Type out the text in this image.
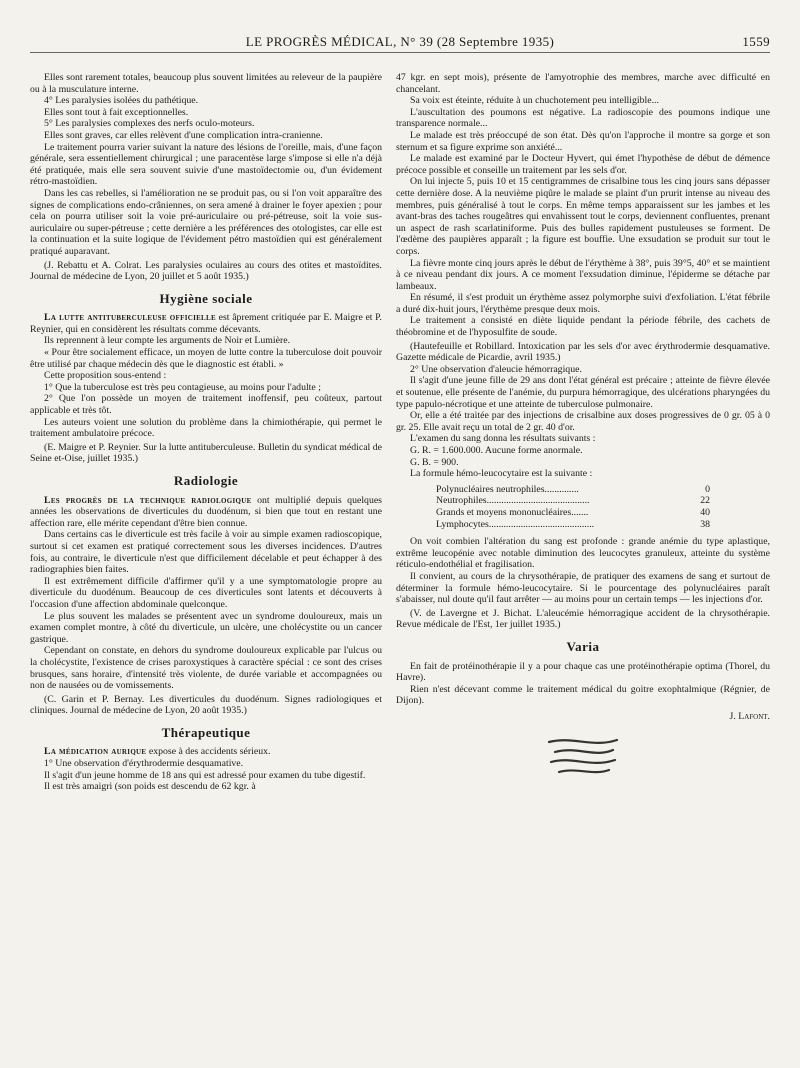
LE PROGRÈS MÉDICAL, N° 39 (28 Septembre 1935)	1559

Elles sont rarement totales, beaucoup plus souvent limitées au releveur de la paupière ou à la musculature interne.

4° Les paralysies isolées du pathétique.

Elles sont tout à fait exceptionnelles.

5° Les paralysies complexes des nerfs oculo-moteurs.

Elles sont graves, car elles relèvent d'une complication intra-cranienne.

Le traitement pourra varier suivant la nature des lésions de l'oreille, mais, d'une façon générale, sera essentiellement chirurgical ; une paracentèse large s'impose si elle n'a déjà été pratiquée, mais elle sera souvent suivie d'une mastoïdectomie ou, d'un évidement rétro-mastoïdien.

Dans les cas rebelles, si l'amélioration ne se produit pas, ou si l'on voit apparaître des signes de complications endo-crâniennes, on sera amené à drainer le foyer apexien ; pour cela on pourra utiliser soit la voie pré-auriculaire ou pré-pétreuse, soit la voie sus-auriculaire ou super-pétreuse ; cette dernière a les préférences des otologistes, car elle est la continuation et la suite logique de l'évidement pétro mastoïdien qui est généralement pratiqué auparavant.

(J. Rebattu et A. Colrat. Les paralysies oculaires au cours des otites et mastoïdites. Journal de médecine de Lyon, 20 juillet et 5 août 1935.)

Hygiène sociale

La lutte antituberculeuse officielle est âprement critiquée par E. Maigre et P. Reynier, qui en considèrent les résultats comme décevants.

Ils reprennent à leur compte les arguments de Noir et Lumière.

« Pour être socialement efficace, un moyen de lutte contre la tuberculose doit pouvoir être utilisé par chaque médecin dès que le diagnostic est établi. »

Cette proposition sous-entend :

1° Que la tuberculose est très peu contagieuse, au moins pour l'adulte ;

2° Que l'on possède un moyen de traitement inoffensif, peu coûteux, partout applicable et très tôt.

Les auteurs voient une solution du problème dans la chimiothérapie, qui permet le traitement ambulatoire précoce.

(E. Maigre et P. Reynier. Sur la lutte antituberculeuse. Bulletin du syndicat médical de Seine et-Oise, juillet 1935.)

Radiologie

Les progrès de la technique radiologique ont multiplié depuis quelques années les observations de diverticules du duodénum, si bien que tout en restant une affection rare, elle mérite cependant d'être bien connue.

Dans certains cas le diverticule est très facile à voir au simple examen radioscopique, surtout si cet examen est pratiqué correctement sous les diverses incidences. D'autres fois, au contraire, le diverticule n'est que difficilement décelable et peut échapper à des radiographies bien faites.

Il est extrêmement difficile d'affirmer qu'il y a une symptomatologie propre au diverticule du duodénum. Beaucoup de ces diverticules sont latents et découverts à l'occasion d'une affection abdominale quelconque.

Le plus souvent les malades se présentent avec un syndrome douloureux, mais un examen complet montre, à côté du diverticule, un ulcère, une cholécystite ou un cancer gastrique.

Cependant on constate, en dehors du syndrome douloureux explicable par l'ulcus ou la cholécystite, l'existence de crises paroxystiques à caractère spécial : ce sont des crises brusques, sans horaire, d'intensité très violente, de durée variable et accompagnées ou non de nausées ou de vomissements.

(C. Garin et P. Bernay. Les diverticules du duodénum. Signes radiologiques et cliniques. Journal de médecine de Lyon, 20 août 1935.)

Thérapeutique

La médication aurique expose à des accidents sérieux.

1° Une observation d'érythrodermie desquamative.

Il s'agit d'un jeune homme de 18 ans qui est adressé pour examen du tube digestif.

Il est très amaigri (son poids est descendu de 62 kgr. à

47 kgr. en sept mois), présente de l'amyotrophie des membres, marche avec difficulté en chancelant.

Sa voix est éteinte, réduite à un chuchotement peu intelligible...

L'auscultation des poumons est négative. La radioscopie des poumons indique une transparence normale...

Le malade est très préoccupé de son état. Dès qu'on l'approche il montre sa gorge et son sternum et sa figure exprime son anxiété...

Le malade est examiné par le Docteur Hyvert, qui émet l'hypothèse de début de démence précoce possible et conseille un traitement par les sels d'or.

On lui injecte 5, puis 10 et 15 centigrammes de crisalbine tous les cinq jours sans dépasser cette dernière dose. A la neuvième piqûre le malade se plaint d'un prurit intense au niveau des membres, puis généralisé à tout le corps. En même temps apparaissent sur les jambes et les avant-bras des taches rougeâtres qui envahissent tout le corps, deviennent confluentes, prenant un aspect de rash scarlatiniforme. Puis des bulles rapidement pustuleuses se forment. De l'œdème des paupières apparaît ; la figure est bouffie. Une exsudation se produit sur tout le corps.

La fièvre monte cinq jours après le début de l'érythème à 38°, puis 39°5, 40° et se maintient à ce niveau pendant dix jours. A ce moment l'exsudation diminue, l'épiderme se détache par lambeaux.

En résumé, il s'est produit un érythème assez polymorphe suivi d'exfoliation. L'état fébrile a duré dix-huit jours, l'érythème presque deux mois.

Le traitement a consisté en diète liquide pendant la période fébrile, des cachets de théobromine et de l'hyposulfite de soude.

(Hautefeuille et Robillard. Intoxication par les sels d'or avec érythrodermie desquamative. Gazette médicale de Picardie, avril 1935.)

2° Une observation d'aleucie hémorragique.

Il s'agit d'une jeune fille de 29 ans dont l'état général est précaire ; atteinte de fièvre élevée et soutenue, elle présente de l'anémie, du purpura hémorragique, des ulcérations pharyngées du type papulo-nécrotique et une atteinte de tuberculose pulmonaire.

Or, elle a été traitée par des injections de crisalbine aux doses progressives de 0 gr. 05 à 0 gr. 25. Elle avait reçu un total de 2 gr. 40 d'or.

L'examen du sang donna les résultats suivants :

G. R. = 1.600.000. Aucune forme anormale.

G. B. = 900.

La formule hémo-leucocytaire est la suivante :

Polynucléaires neutrophiles..............	0
Neutrophiles..........................................	22
Grands et moyens mononucléaires.......	40
Lymphocytes...........................................	38

On voit combien l'altération du sang est profonde : grande anémie du type aplastique, extrême leucopénie avec notable diminution des leucocytes granuleux, atteinte du système réticulo-endothélial et fragilisation.

Il convient, au cours de la chrysothérapie, de pratiquer des examens de sang et surtout de déterminer la formule hémo-leucocytaire. Si le pourcentage des polynucléaires paraît s'abaisser, nul doute qu'il faut arrêter — au moins pour un certain temps — les injections d'or.

(V. de Lavergne et J. Bichat. L'aleucémie hémorragique accident de la chrysothérapie. Revue médicale de l'Est, 1er juillet 1935.)

Varia

En fait de protéinothérapie il y a pour chaque cas une protéinothérapie optima (Thorel, du Havre).

Rien n'est décevant comme le traitement médical du goitre exophtalmique (Régnier, de Dijon).

J. Lafont.
